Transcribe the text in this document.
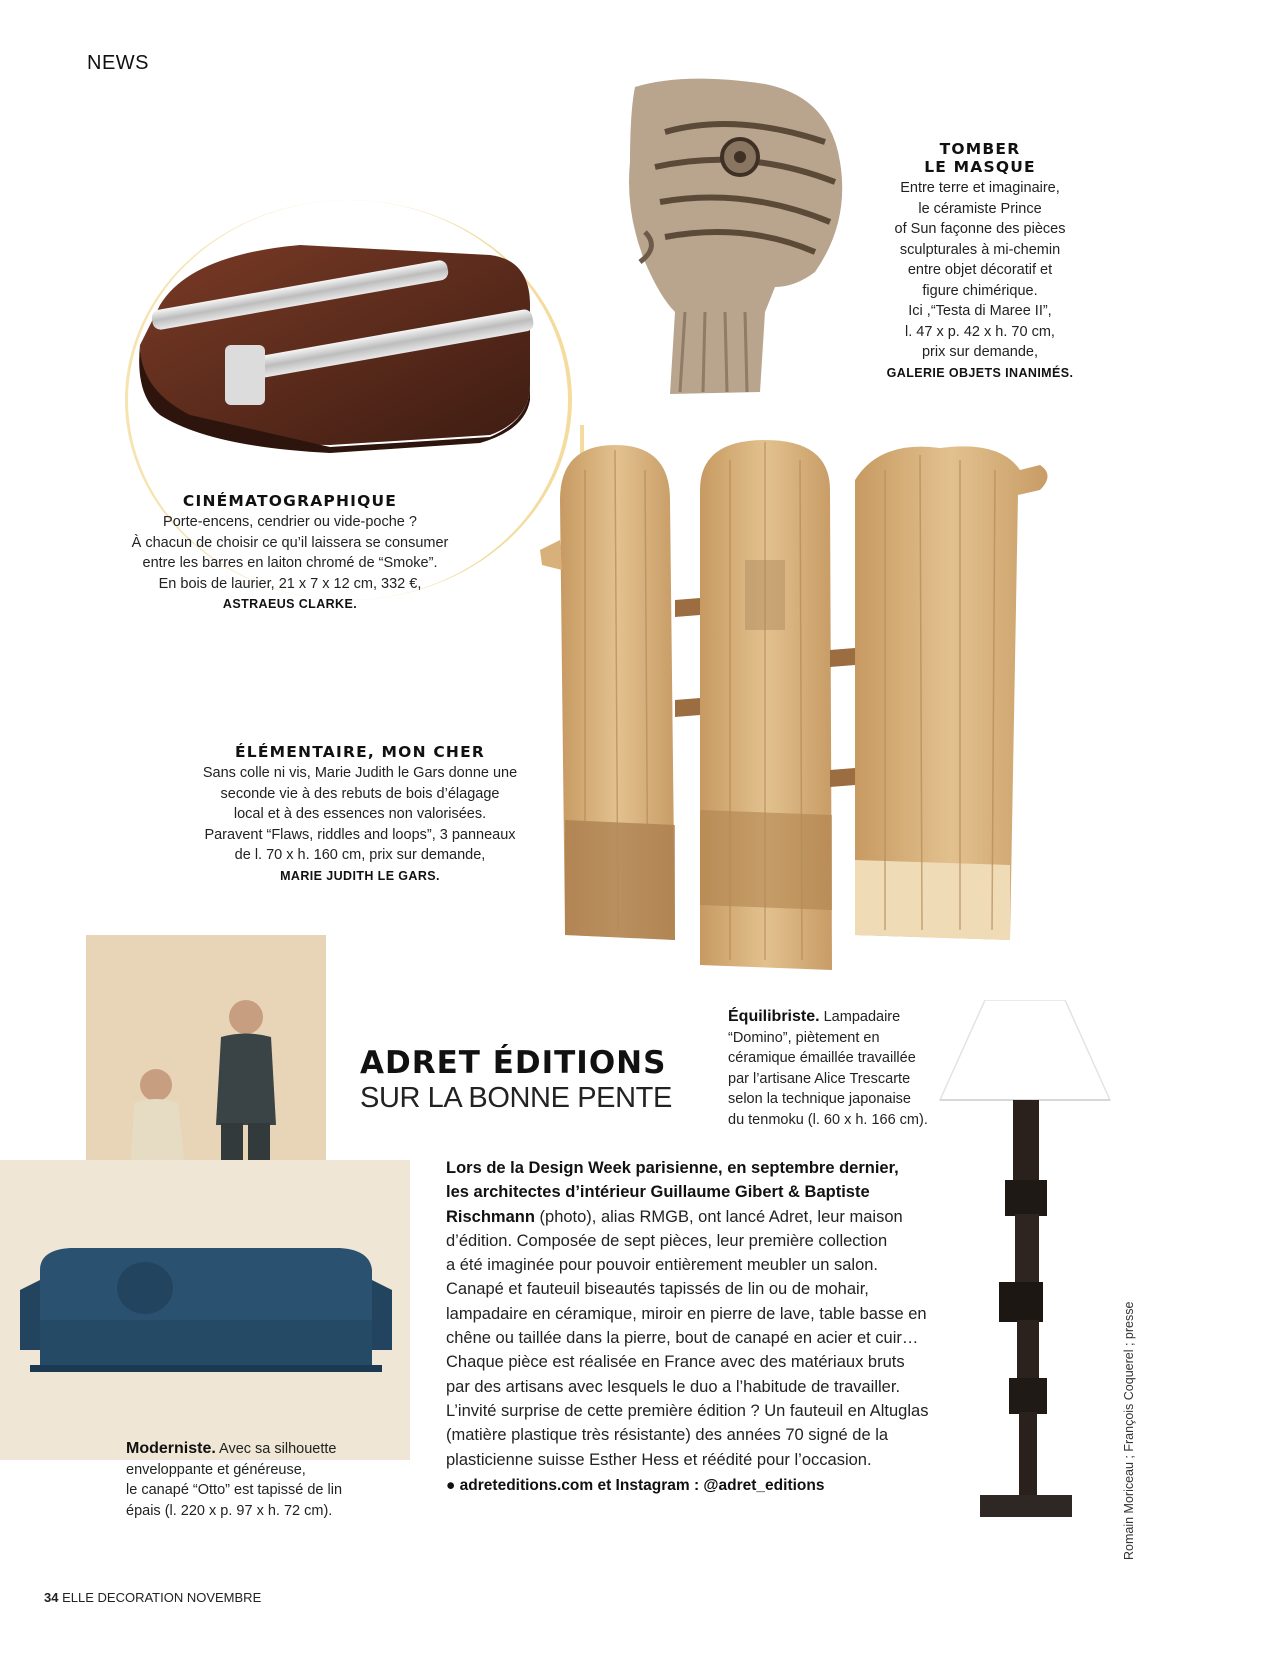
NEWS
TOMBER
LE MASQUE

Entre terre et imaginaire,

le céramiste Prince

of Sun façonne des pièces

sculpturales à mi-chemin

entre objet décoratif et

figure chimérique.

Ici ,“Testa di Maree II”,

l. 47 x p. 42 x h. 70 cm,

prix sur demande,

GALERIE OBJETS INANIMÉS.

CINÉMATOGRAPHIQUE

Porte-encens, cendrier ou vide-poche ?

À chacun de choisir ce qu’il laissera se consumer

entre les barres en laiton chromé de “Smoke”.

En bois de laurier, 21 x 7 x 12 cm, 332 €,

ASTRAEUS CLARKE.

ÉLÉMENTAIRE, MON CHER

Sans colle ni vis, Marie Judith le Gars donne une

seconde vie à des rebuts de bois d’élagage

local et à des essences non valorisées.

Paravent “Flaws, riddles and loops”, 3 panneaux

de l. 70 x h. 160 cm, prix sur demande,

MARIE JUDITH LE GARS.

ADRET ÉDITIONS
SUR LA BONNE PENTE
Équilibriste. Lampadaire
“Domino”, piètement en
céramique émaillée travaillée
par l’artisane Alice Trescarte
selon la technique japonaise
du tenmoku (l. 60 x h. 166 cm).
Lors de la Design Week parisienne, en septembre dernier,
les architectes d’intérieur Guillaume Gibert & Baptiste
Rischmann (photo), alias RMGB, ont lancé Adret, leur maison
d’édition. Composée de sept pièces, leur première collection
a été imaginée pour pouvoir entièrement meubler un salon.
Canapé et fauteuil biseautés tapissés de lin ou de mohair,
lampadaire en céramique, miroir en pierre de lave, table basse en
chêne ou taillée dans la pierre, bout de canapé en acier et cuir…
Chaque pièce est réalisée en France avec des matériaux bruts
par des artisans avec lesquels le duo a l’habitude de travailler.
L’invité surprise de cette première édition ? Un fauteuil en Altuglas
(matière plastique très résistante) des années 70 signé de la
plasticienne suisse Esther Hess et réédité pour l’occasion.
● adreteditions.com et Instagram : @adret_editions
Moderniste. Avec sa silhouette
enveloppante et généreuse,
le canapé “Otto” est tapissé de lin
épais (l. 220 x p. 97 x h. 72 cm).	Romain Moriceau ; François Coquerel ; presse
34 ELLE DECORATION NOVEMBRE
